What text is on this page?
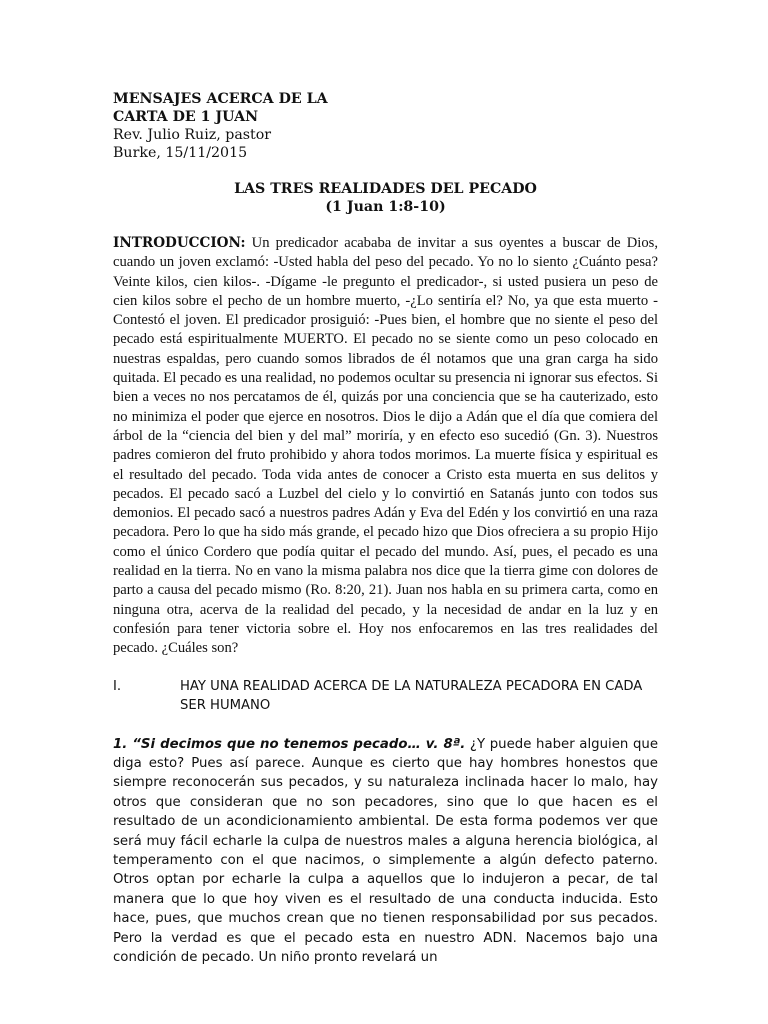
MENSAJES ACERCA DE LA
CARTA DE 1 JUAN
Rev. Julio Ruiz, pastor
Burke, 15/11/2015
LAS TRES REALIDADES DEL PECADO
(1 Juan 1:8-10)

INTRODUCCION: Un predicador acababa de invitar a sus oyentes a buscar de Dios, cuando un joven exclamó: -Usted habla del peso del pecado. Yo no lo siento ¿Cuánto pesa? Veinte kilos, cien kilos-. -Dígame -le pregunto el predicador-, si usted pusiera un peso de cien kilos sobre el pecho de un hombre muerto, -¿Lo sentiría el? No, ya que esta muerto -Contestó el joven. El predicador prosiguió: -Pues bien, el hombre que no siente el peso del pecado está espiritualmente MUERTO. El pecado no se siente como un peso colocado en nuestras espaldas, pero cuando somos librados de él notamos que una gran carga ha sido quitada. El pecado es una realidad, no podemos ocultar su presencia ni ignorar sus efectos. Si bien a veces no nos percatamos de él, quizás por una conciencia que se ha cauterizado, esto no minimiza el poder que ejerce en nosotros. Dios le dijo a Adán que el día que comiera del árbol de la “ciencia del bien y del mal” moriría, y en efecto eso sucedió (Gn. 3). Nuestros padres comieron del fruto prohibido y ahora todos morimos. La muerte física y espiritual es el resultado del pecado. Toda vida antes de conocer a Cristo esta muerta en sus delitos y pecados. El pecado sacó a Luzbel del cielo y lo convirtió en Satanás junto con todos sus demonios. El pecado sacó a nuestros padres Adán y Eva del Edén y los convirtió en una raza pecadora. Pero lo que ha sido más grande, el pecado hizo que Dios ofreciera a su propio Hijo como el único Cordero que podía quitar el pecado del mundo. Así, pues, el pecado es una realidad en la tierra. No en vano la misma palabra nos dice que la tierra gime con dolores de parto a causa del pecado mismo (Ro. 8:20, 21). Juan nos habla en su primera carta, como en ninguna otra, acerva de la realidad del pecado, y la necesidad de andar en la luz y en confesión para tener victoria sobre el. Hoy nos enfocaremos en las tres realidades del pecado. ¿Cuáles son?

I.	HAY UNA REALIDAD ACERCA DE LA NATURALEZA PECADORA EN CADA SER HUMANO

1. “Si decimos que no tenemos pecado… v. 8ª. ¿Y puede haber alguien que diga esto? Pues así parece. Aunque es cierto que hay hombres honestos que siempre reconocerán sus pecados, y su naturaleza inclinada hacer lo malo, hay otros que consideran que no son pecadores, sino que lo que hacen es el resultado de un acondicionamiento ambiental. De esta forma podemos ver que será muy fácil echarle la culpa de nuestros males a alguna herencia biológica, al temperamento con el que nacimos, o simplemente a algún defecto paterno. Otros optan por echarle la culpa a aquellos que lo indujeron a pecar, de tal manera que lo que hoy viven es el resultado de una conducta inducida. Esto hace, pues, que muchos crean que no tienen responsabilidad por sus pecados. Pero la verdad es que el pecado esta en nuestro ADN. Nacemos bajo una condición de pecado. Un niño pronto revelará un
